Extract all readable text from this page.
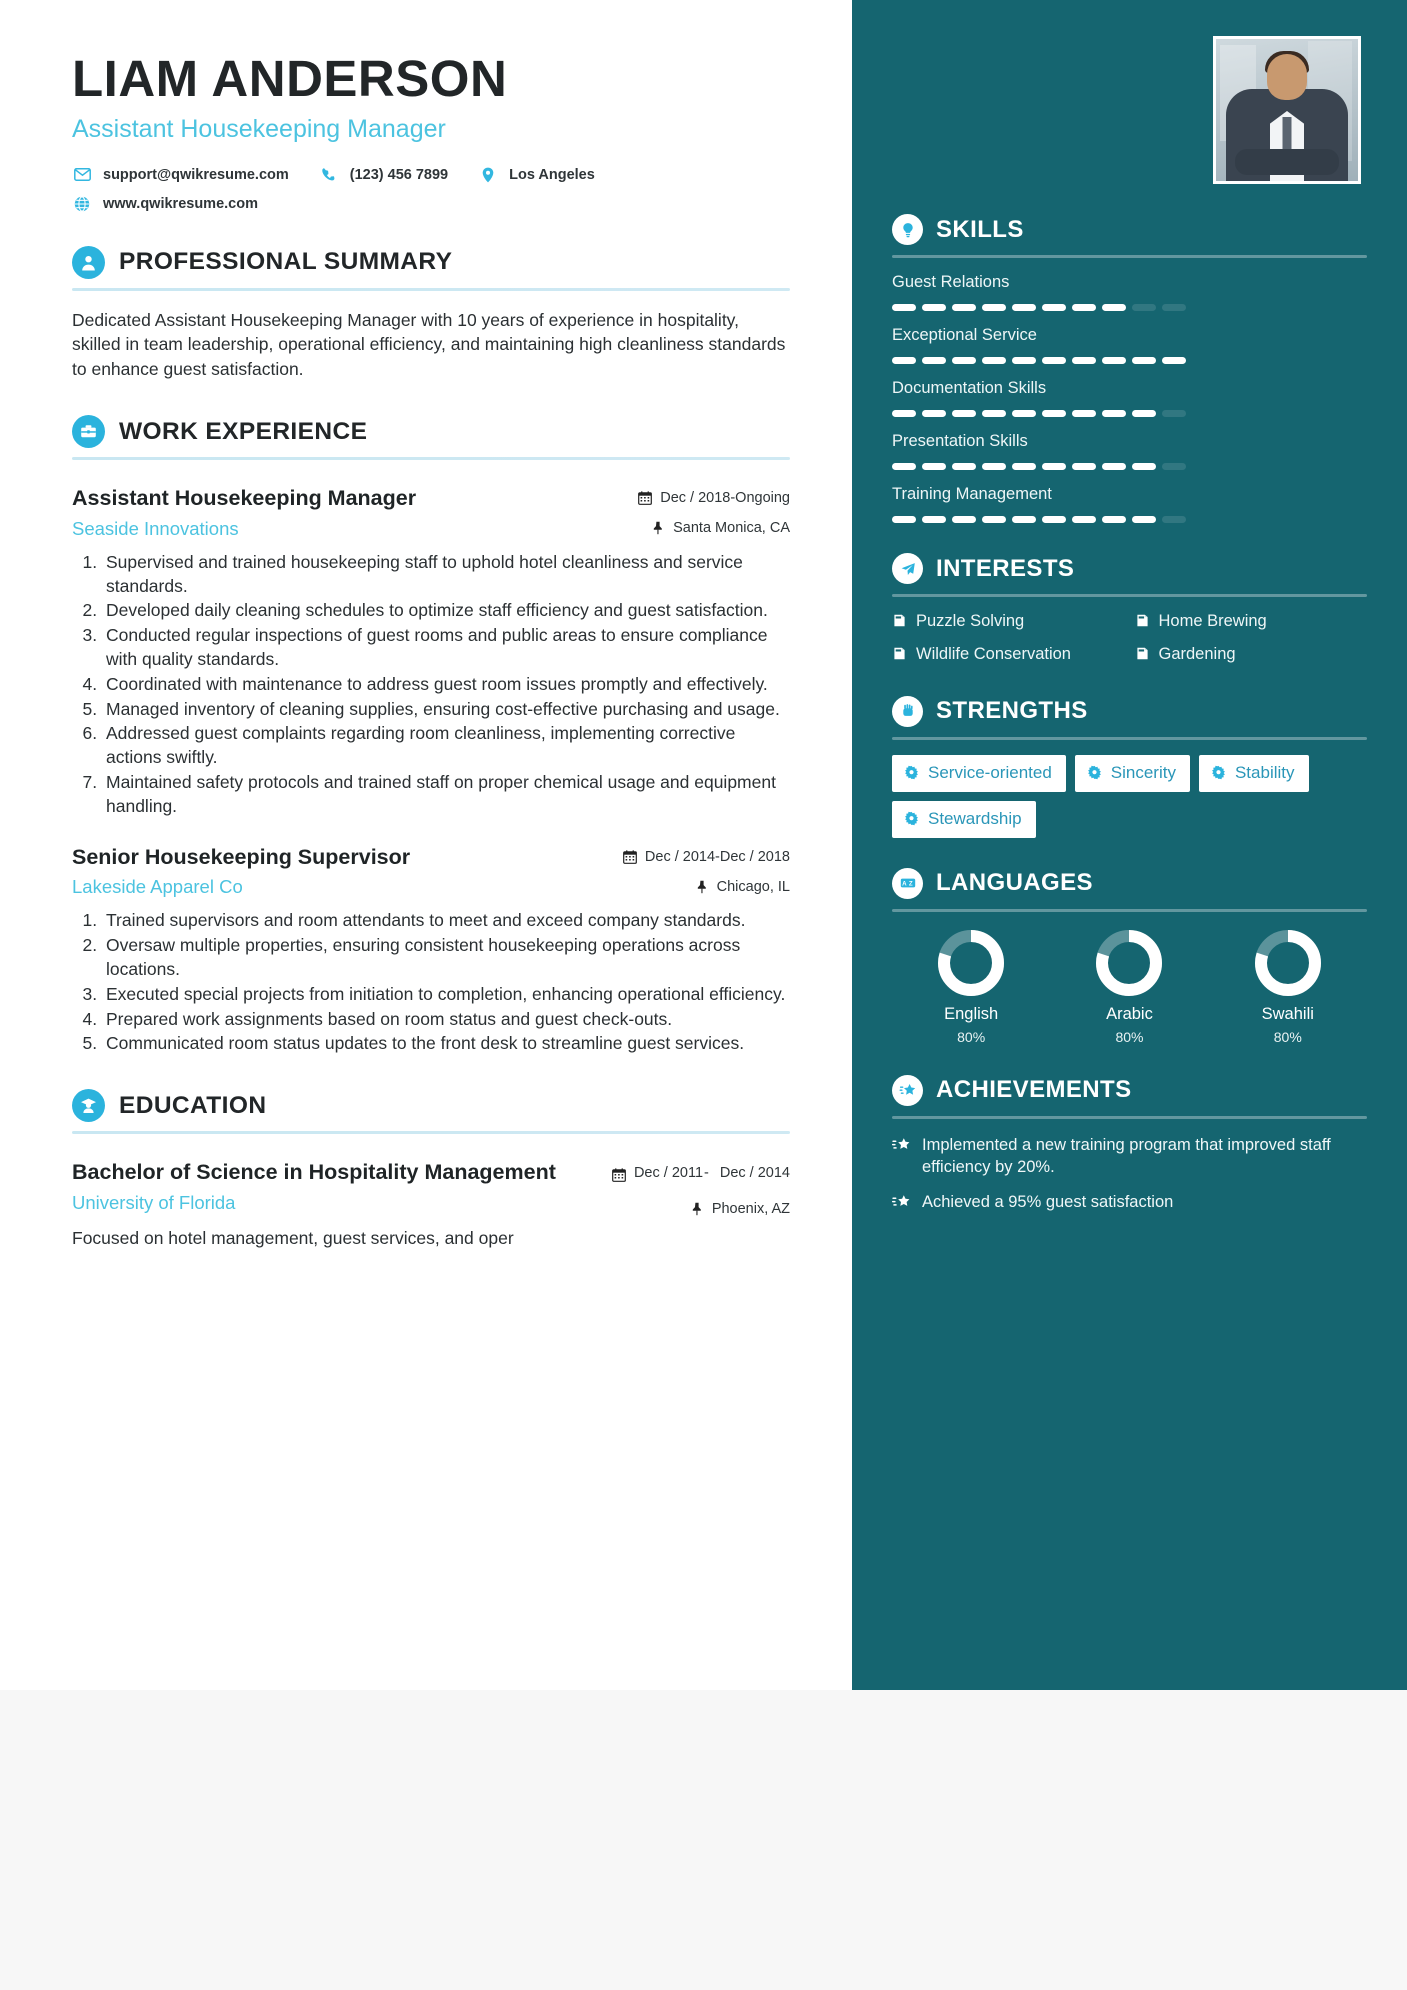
LIAM ANDERSON
Assistant Housekeeping Manager
support@qwikresume.com	(123) 456 7899	Los Angeles
www.qwikresume.com
PROFESSIONAL SUMMARY

Dedicated Assistant Housekeeping Manager with 10 years of experience in hospitality, skilled in team leadership, operational efficiency, and maintaining high cleanliness standards to enhance guest satisfaction.

WORK EXPERIENCE
Assistant Housekeeping Manager
Seaside Innovations
Dec / 2018-Ongoing
Santa Monica, CA
1. Supervised and trained housekeeping staff to uphold hotel cleanliness and service standards.
2. Developed daily cleaning schedules to optimize staff efficiency and guest satisfaction.
3. Conducted regular inspections of guest rooms and public areas to ensure compliance with quality standards.
4. Coordinated with maintenance to address guest room issues promptly and effectively.
5. Managed inventory of cleaning supplies, ensuring cost-effective purchasing and usage.
6. Addressed guest complaints regarding room cleanliness, implementing corrective actions swiftly.
7. Maintained safety protocols and trained staff on proper chemical usage and equipment handling.
Senior Housekeeping Supervisor
Lakeside Apparel Co
Dec / 2014-Dec / 2018
Chicago, IL
1. Trained supervisors and room attendants to meet and exceed company standards.
2. Oversaw multiple properties, ensuring consistent housekeeping operations across locations.
3. Executed special projects from initiation to completion, enhancing operational efficiency.
4. Prepared work assignments based on room status and guest check-outs.
5. Communicated room status updates to the front desk to streamline guest services.
EDUCATION
Bachelor of Science in Hospitality Management
University of Florida
Dec / 2011 - Dec / 2014
Phoenix, AZ

Focused on hotel management, guest services, and oper

SKILLS
Guest Relations
Exceptional Service
Documentation Skills
Presentation Skills
Training Management
INTERESTS
Puzzle Solving	Home Brewing
Wildlife Conservation	Gardening
STRENGTHS
Service-oriented	Sincerity	Stability
Stewardship
A Z LANGUAGES
English
80%
Arabic
80%
Swahili
80%
ACHIEVEMENTS
Implemented a new training program that improved staff efficiency by 20%.
Achieved a 95% guest satisfaction
